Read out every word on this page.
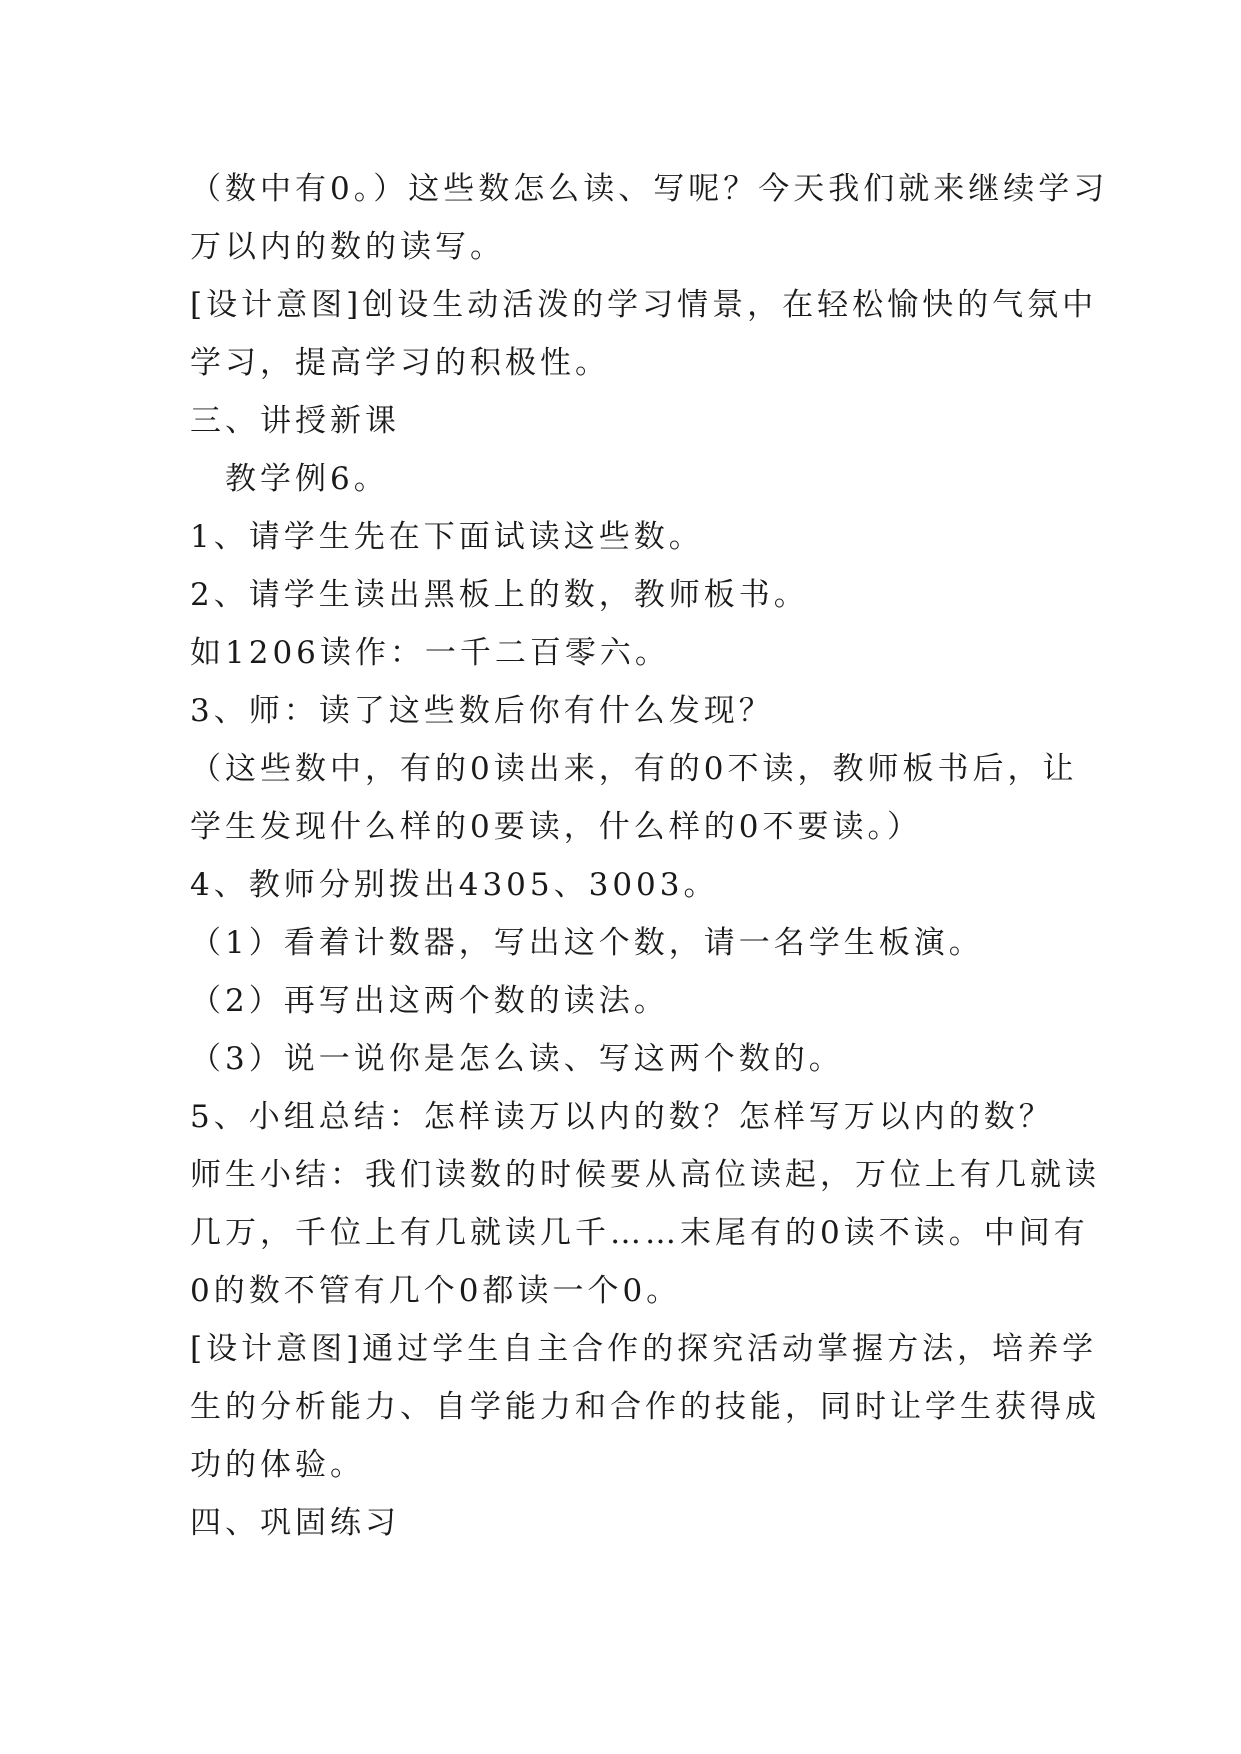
（数中有0。）这些数怎么读、写呢？今天我们就来继续学习
万以内的数的读写。
[设计意图]创设生动活泼的学习情景，在轻松愉快的气氛中
学习，提高学习的积极性。
三、讲授新课
　教学例6。
1、请学生先在下面试读这些数。
2、请学生读出黑板上的数，教师板书。
如1206读作：一千二百零六。
3、师：读了这些数后你有什么发现？
（这些数中，有的0读出来，有的0不读，教师板书后，让
学生发现什么样的0要读，什么样的0不要读。）
4、教师分别拨出4305、3003。
（1）看着计数器，写出这个数，请一名学生板演。
（2）再写出这两个数的读法。
（3）说一说你是怎么读、写这两个数的。
5、小组总结：怎样读万以内的数？怎样写万以内的数？
师生小结：我们读数的时候要从高位读起，万位上有几就读
几万，千位上有几就读几千……末尾有的0读不读。中间有
0的数不管有几个0都读一个0。
[设计意图]通过学生自主合作的探究活动掌握方法，培养学
生的分析能力、自学能力和合作的技能，同时让学生获得成
功的体验。
四、巩固练习
